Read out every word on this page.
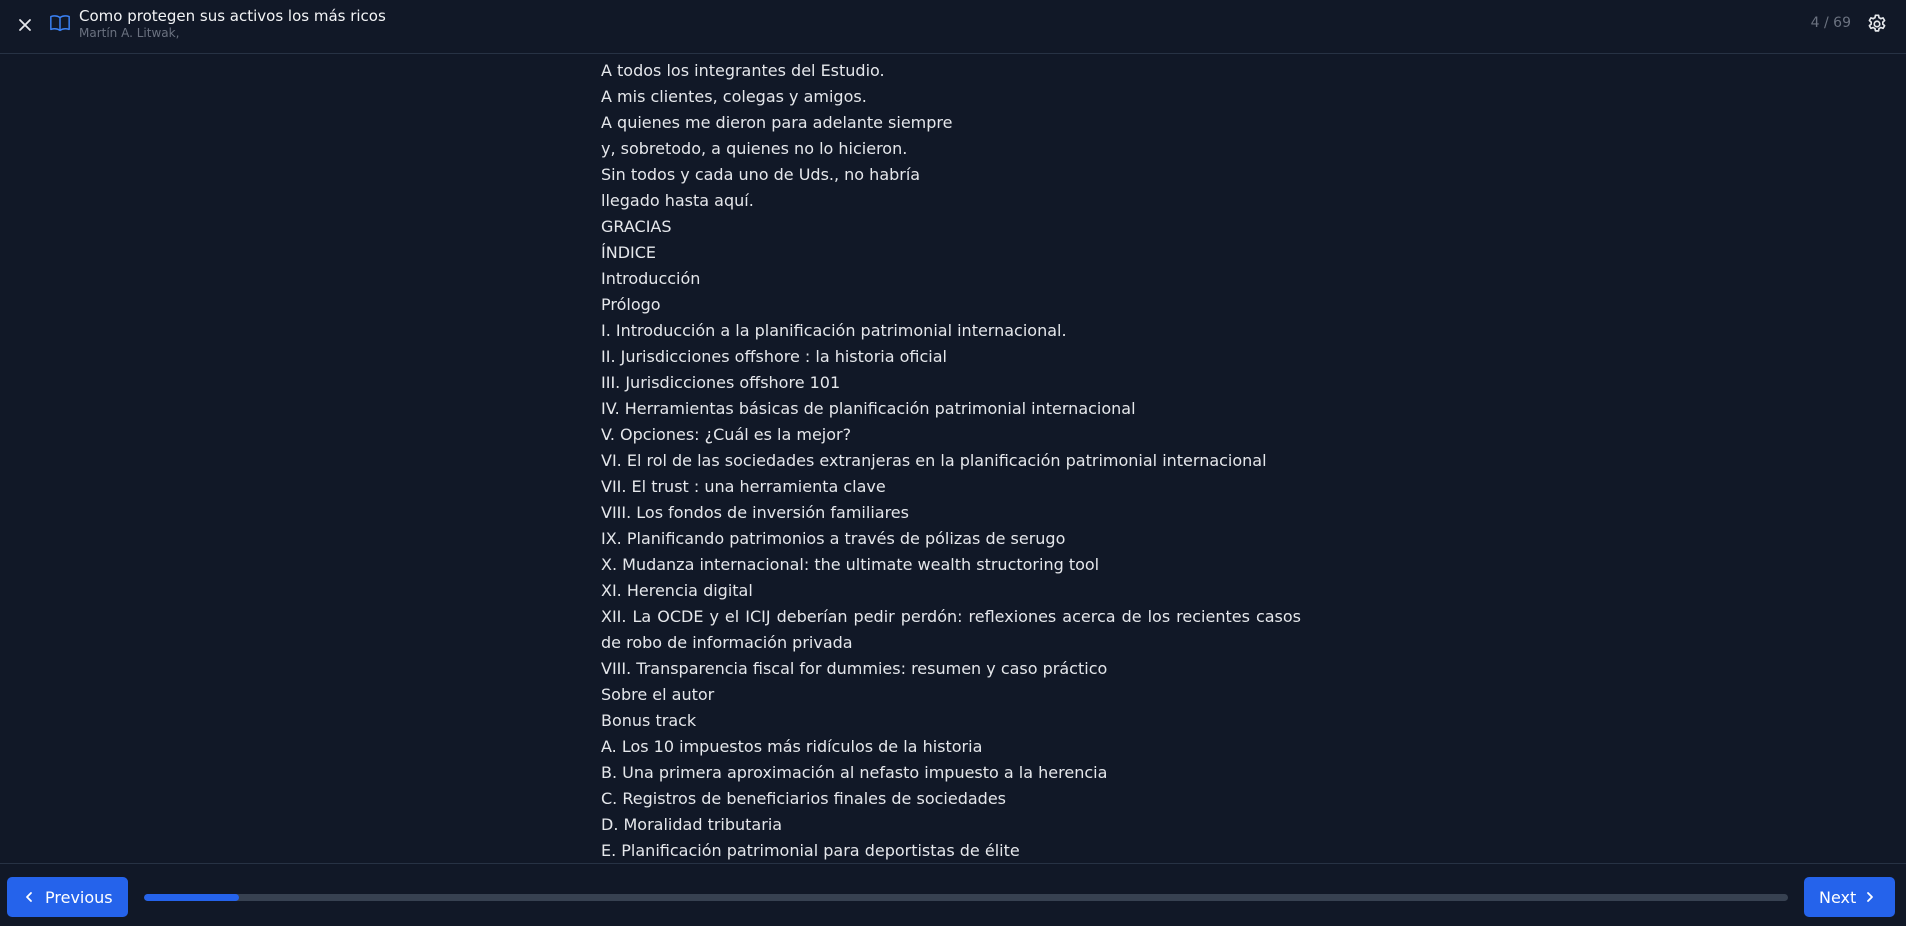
Como protegen sus activos los más ricos
Martín A. Litwak,
4 / 69
A todos los integrantes del Estudio.
A mis clientes, colegas y amigos.
A quienes me dieron para adelante siempre
y, sobretodo, a quienes no lo hicieron.
Sin todos y cada uno de Uds., no habría
llegado hasta aquí.
GRACIAS
ÍNDICE
Introducción
Prólogo
I. Introducción a la planificación patrimonial internacional.
II. Jurisdicciones offshore : la historia oficial
III. Jurisdicciones offshore 101
IV. Herramientas básicas de planificación patrimonial internacional
V. Opciones: ¿Cuál es la mejor?
VI. El rol de las sociedades extranjeras en la planificación patrimonial internacional
VII. El trust : una herramienta clave
VIII. Los fondos de inversión familiares
IX. Planificando patrimonios a través de pólizas de serugo
X. Mudanza internacional: the ultimate wealth structoring tool
XI. Herencia digital
XII. La OCDE y el ICIJ deberían pedir perdón: reflexiones acerca de los recientes casos de robo de información privada
VIII. Transparencia fiscal for dummies: resumen y caso práctico
Sobre el autor
Bonus track
A. Los 10 impuestos más ridículos de la historia
B. Una primera aproximación al nefasto impuesto a la herencia
C. Registros de beneficiarios finales de sociedades
D. Moralidad tributaria
E. Planificación patrimonial para deportistas de élite
Previous	Next
